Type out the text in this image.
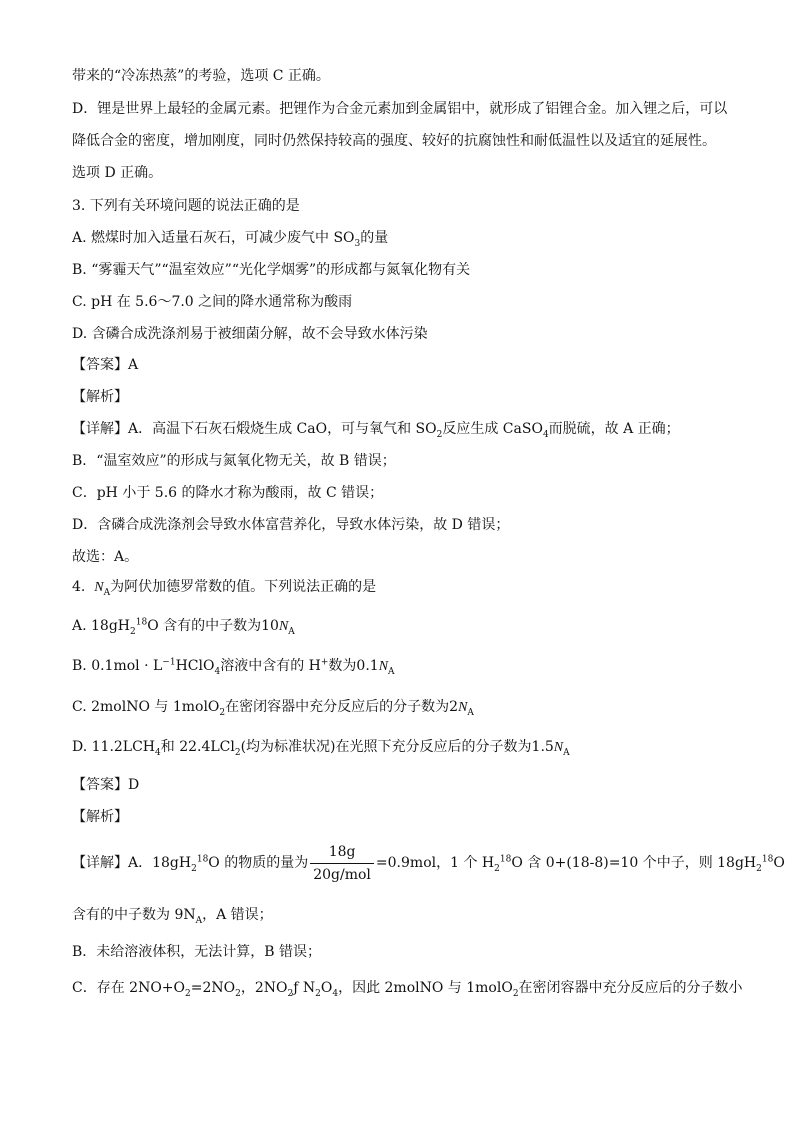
带来的“冷冻热蒸”的考验，选项 C 正确。
D．锂是世界上最轻的金属元素。把锂作为合金元素加到金属铝中，就形成了铝锂合金。加入锂之后，可以
降低合金的密度，增加刚度，同时仍然保持较高的强度、较好的抗腐蚀性和耐低温性以及适宜的延展性。
选项 D 正确。
3. 下列有关环境问题的说法正确的是
A. 燃煤时加入适量石灰石，可减少废气中 $SO_3$的量
B. “雾霾天气”“温室效应”“光化学烟雾”的形成都与氮氧化物有关
C. pH 在 5.6～7.0 之间的降水通常称为酸雨
D. 含磷合成洗涤剂易于被细菌分解，故不会导致水体污染
【答案】A
【解析】
【详解】A．高温下石灰石煅烧生成 CaO，可与氧气和 $SO_2$反应生成 CaSO$_4$而脱硫，故 A 正确；
B．“温室效应”的形成与氮氧化物无关，故 B 错误；
C．pH 小于 5.6 的降水才称为酸雨，故 C 错误；
D．含磷合成洗涤剂会导致水体富营养化，导致水体污染，故 D 错误；
故选：A。
4. $N_A$为阿伏加德罗常数的值。下列说法正确的是
A. $18gH_2^{18}O$ 含有的中子数为$10N_A$
B. $0.1mol \cdot L^{-1}HClO_4$溶液中含有的 H+数为$0.1N_A$
C. 2molNO 与 1molO$_2$在密闭容器中充分反应后的分子数为$2N_A$
D. $11.2LCH_4$和 22.4LCl$_2$(均为标准状况)在光照下充分反应后的分子数为$1.5N_A$
【答案】D
【解析】
【详解】A．$18gH_2^{18}O$ 的物质的量为 $\frac{18g}{\text{20g/mol}} =0.9mol$，1 个 $H_2^{18}O$ 含 0+(18-8)=10 个中子，则 $18gH_2^{18}O$
含有的中子数为 $9N_A$，A 错误；
B．未给溶液体积，无法计算，B 错误；
C．存在 $2NO+O_2=2NO_2$，$2NO_2ƒ$ $N_2O_4$，因此 2molNO 与 1molO$_2$在密闭容器中充分反应后的分子数小
